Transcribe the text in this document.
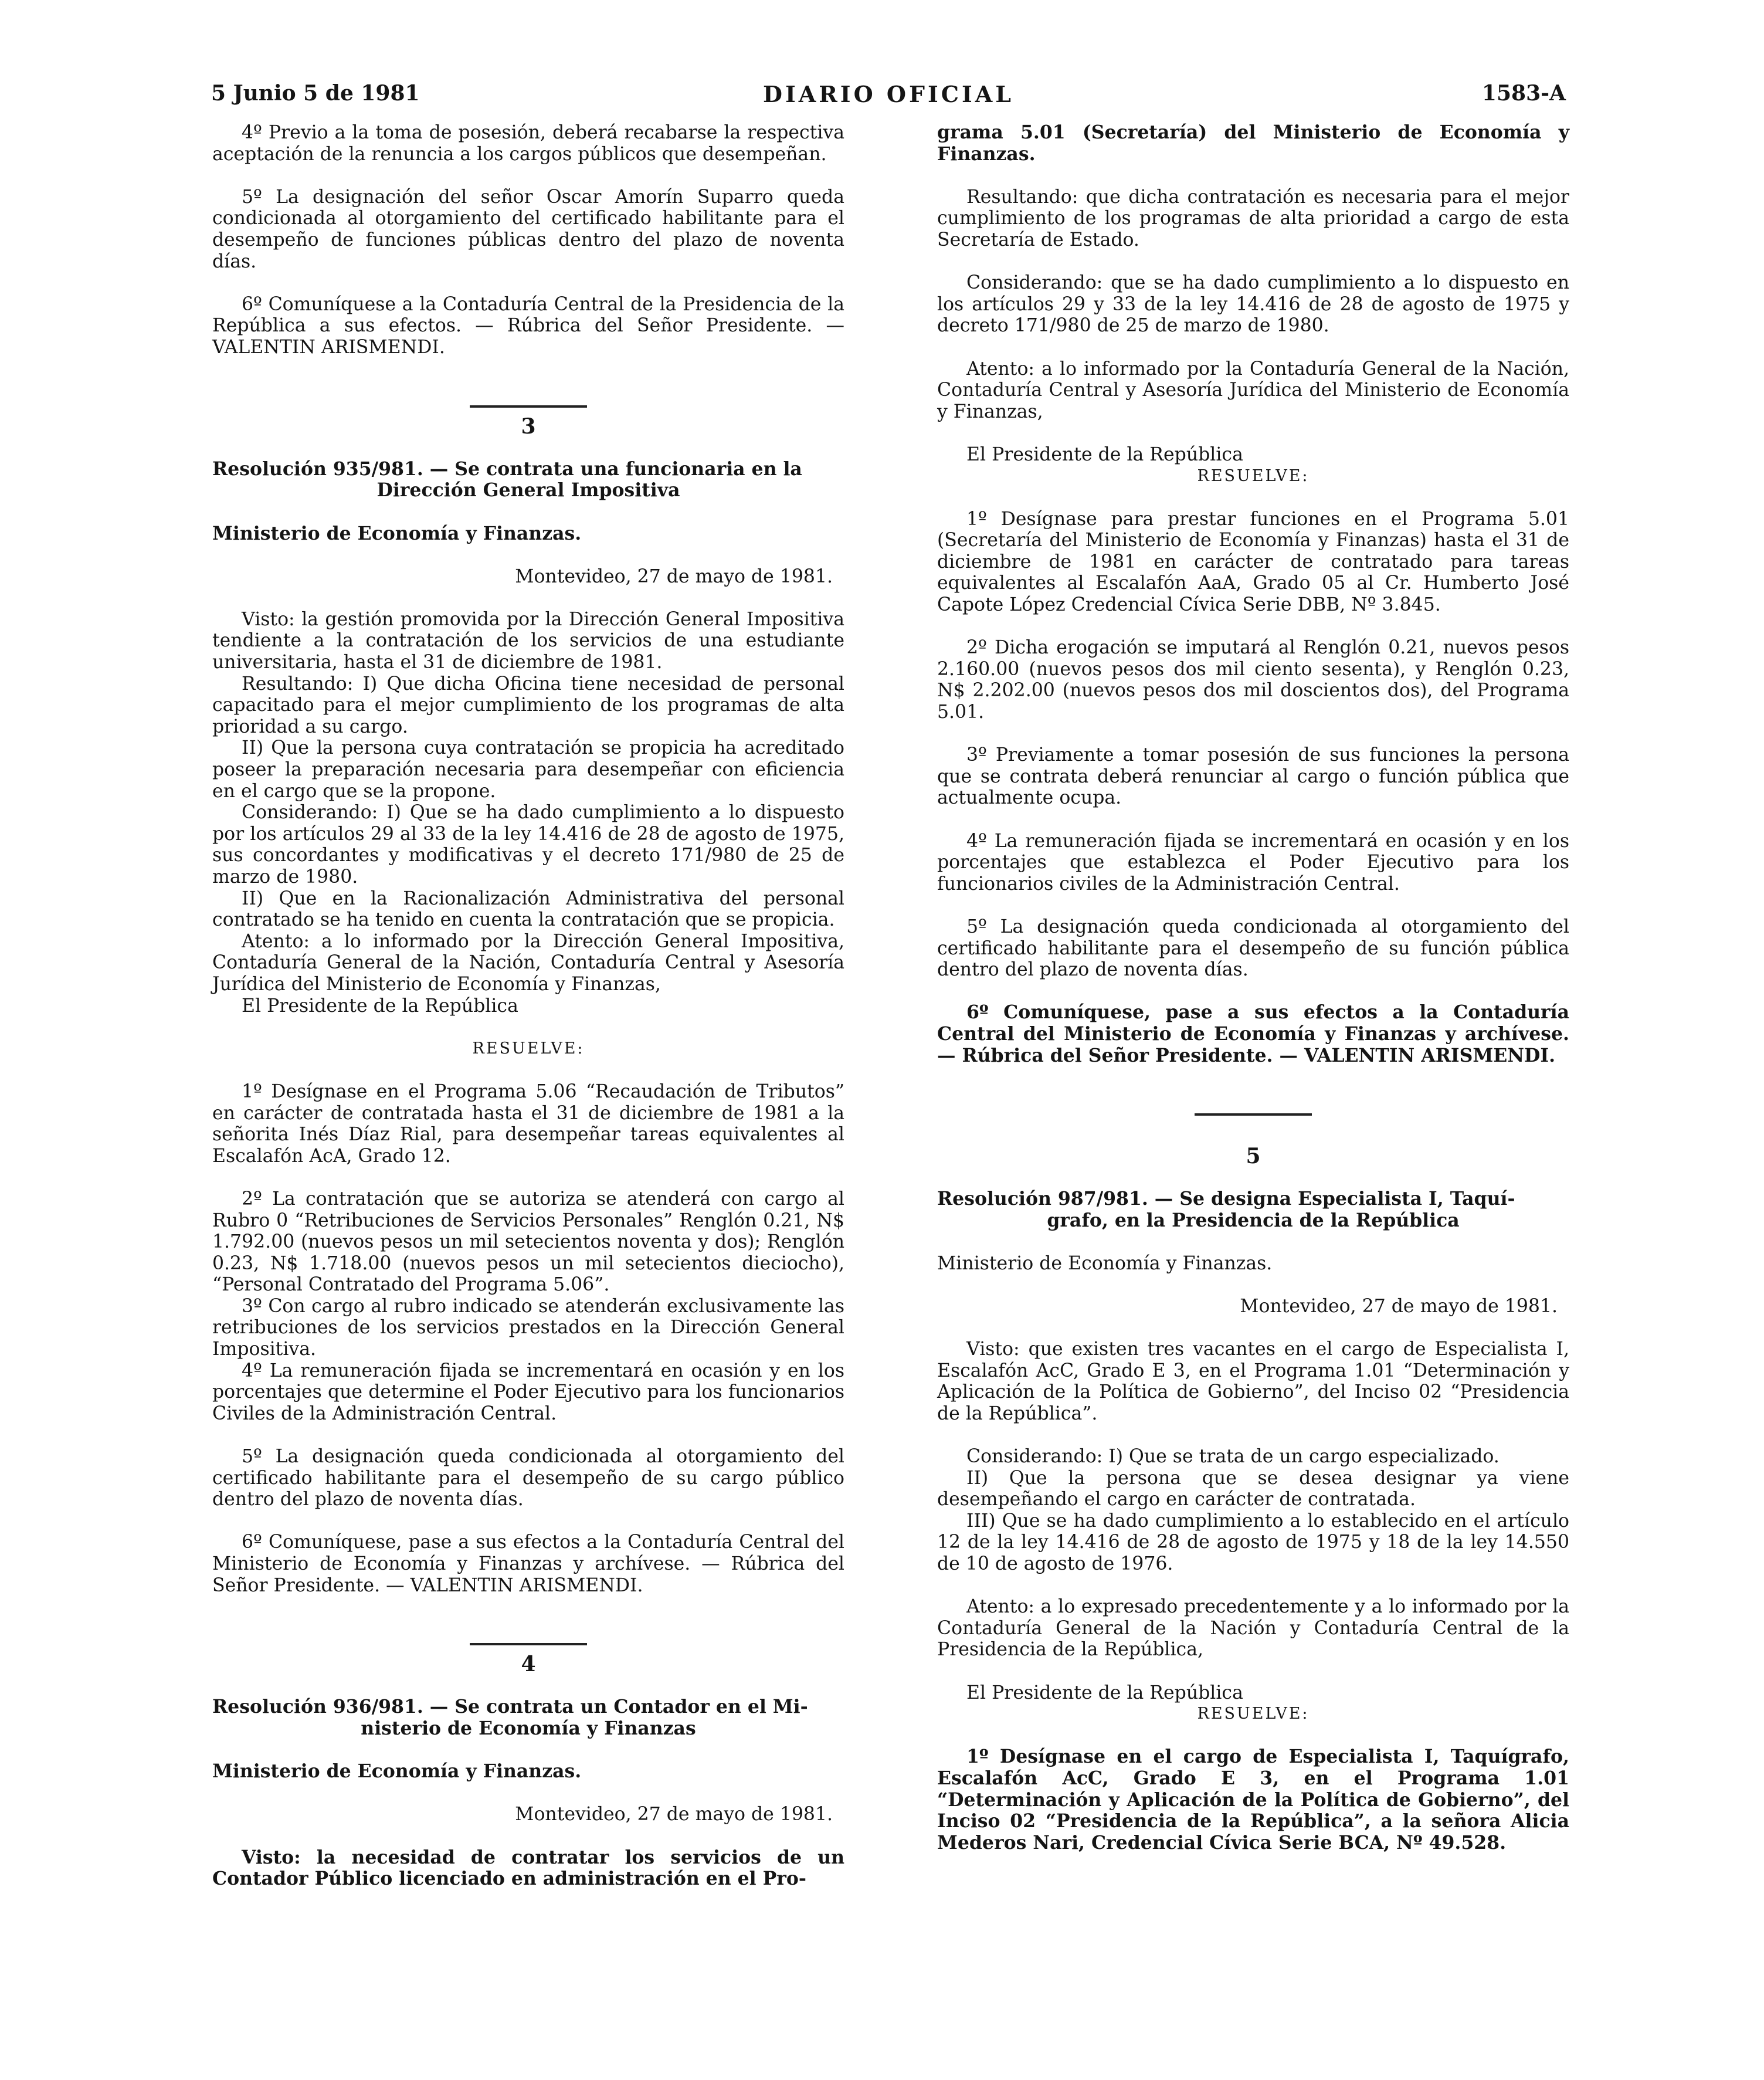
5 Junio 5 de 1981	DIARIO OFICIAL	1583-A

4º Previo a la toma de posesión, deberá recabarse la respectiva aceptación de la renuncia a los cargos públicos que desempeñan.

5º La designación del señor Oscar Amorín Suparro queda condicionada al otorgamiento del certificado habilitante para el desempeño de funciones públicas dentro del plazo de noventa días.

6º Comuníquese a la Contaduría Central de la Presidencia de la República a sus efectos. — Rúbrica del Señor Presidente. — VALENTIN ARISMENDI.

3

Resolución 935/981. — Se contrata una funcionaria en la
Dirección General Impositiva

Ministerio de Economía y Finanzas.

Montevideo, 27 de mayo de 1981.

Visto: la gestión promovida por la Dirección General Impositiva tendiente a la contratación de los servicios de una estudiante universitaria, hasta el 31 de diciembre de 1981.

Resultando: I) Que dicha Oficina tiene necesidad de personal capacitado para el mejor cumplimiento de los programas de alta prioridad a su cargo.

II) Que la persona cuya contratación se propicia ha acreditado poseer la preparación necesaria para desempeñar con eficiencia en el cargo que se la propone.

Considerando: I) Que se ha dado cumplimiento a lo dispuesto por los artículos 29 al 33 de la ley 14.416 de 28 de agosto de 1975, sus concordantes y modificativas y el decreto 171/980 de 25 de marzo de 1980.

II) Que en la Racionalización Administrativa del personal contratado se ha tenido en cuenta la contratación que se propicia.

Atento: a lo informado por la Dirección General Impositiva, Contaduría General de la Nación, Contaduría Central y Asesoría Jurídica del Ministerio de Economía y Finanzas,

El Presidente de la República

RESUELVE:

1º Desígnase en el Programa 5.06 “Recaudación de Tributos” en carácter de contratada hasta el 31 de diciembre de 1981 a la señorita Inés Díaz Rial, para desempeñar tareas equivalentes al Escalafón AcA, Grado 12.

2º La contratación que se autoriza se atenderá con cargo al Rubro 0 “Retribuciones de Servicios Personales” Renglón 0.21, N$ 1.792.00 (nuevos pesos un mil setecientos noventa y dos); Renglón 0.23, N$ 1.718.00 (nuevos pesos un mil setecientos dieciocho), “Personal Contratado del Programa 5.06”.

3º Con cargo al rubro indicado se atenderán exclusivamente las retribuciones de los servicios prestados en la Dirección General Impositiva.

4º La remuneración fijada se incrementará en ocasión y en los porcentajes que determine el Poder Ejecutivo para los funcionarios Civiles de la Administración Central.

5º La designación queda condicionada al otorgamiento del certificado habilitante para el desempeño de su cargo público dentro del plazo de noventa días.

6º Comuníquese, pase a sus efectos a la Contaduría Central del Ministerio de Economía y Finanzas y archívese. — Rúbrica del Señor Presidente. — VALENTIN ARISMENDI.

4

Resolución 936/981. — Se contrata un Contador en el Mi-
nisterio de Economía y Finanzas

Ministerio de Economía y Finanzas.

Montevideo, 27 de mayo de 1981.

Visto: la necesidad de contratar los servicios de un Contador Público licenciado en administración en el Pro-

grama 5.01 (Secretaría) del Ministerio de Economía y Finanzas.

Resultando: que dicha contratación es necesaria para el mejor cumplimiento de los programas de alta prioridad a cargo de esta Secretaría de Estado.

Considerando: que se ha dado cumplimiento a lo dispuesto en los artículos 29 y 33 de la ley 14.416 de 28 de agosto de 1975 y decreto 171/980 de 25 de marzo de 1980.

Atento: a lo informado por la Contaduría General de la Nación, Contaduría Central y Asesoría Jurídica del Ministerio de Economía y Finanzas,

El Presidente de la República

RESUELVE:

1º Desígnase para prestar funciones en el Programa 5.01 (Secretaría del Ministerio de Economía y Finanzas) hasta el 31 de diciembre de 1981 en carácter de contratado para tareas equivalentes al Escalafón AaA, Grado 05 al Cr. Humberto José Capote López Credencial Cívica Serie DBB, Nº 3.845.

2º Dicha erogación se imputará al Renglón 0.21, nuevos pesos 2.160.00 (nuevos pesos dos mil ciento sesenta), y Renglón 0.23, N$ 2.202.00 (nuevos pesos dos mil doscientos dos), del Programa 5.01.

3º Previamente a tomar posesión de sus funciones la persona que se contrata deberá renunciar al cargo o función pública que actualmente ocupa.

4º La remuneración fijada se incrementará en ocasión y en los porcentajes que establezca el Poder Ejecutivo para los funcionarios civiles de la Administración Central.

5º La designación queda condicionada al otorgamiento del certificado habilitante para el desempeño de su función pública dentro del plazo de noventa días.

6º Comuníquese, pase a sus efectos a la Contaduría Central del Ministerio de Economía y Finanzas y archívese. — Rúbrica del Señor Presidente. — VALENTIN ARISMENDI.

5

Resolución 987/981. — Se designa Especialista I, Taquí-
grafo, en la Presidencia de la República

Ministerio de Economía y Finanzas.

Montevideo, 27 de mayo de 1981.

Visto: que existen tres vacantes en el cargo de Especialista I, Escalafón AcC, Grado E 3, en el Programa 1.01 “Determinación y Aplicación de la Política de Gobierno”, del Inciso 02 “Presidencia de la República”.

Considerando: I) Que se trata de un cargo especializado.

II) Que la persona que se desea designar ya viene desempeñando el cargo en carácter de contratada.

III) Que se ha dado cumplimiento a lo establecido en el artículo 12 de la ley 14.416 de 28 de agosto de 1975 y 18 de la ley 14.550 de 10 de agosto de 1976.

Atento: a lo expresado precedentemente y a lo informado por la Contaduría General de la Nación y Contaduría Central de la Presidencia de la República,

El Presidente de la República

RESUELVE:

1º Desígnase en el cargo de Especialista I, Taquígrafo, Escalafón AcC, Grado E 3, en el Programa 1.01 “Determinación y Aplicación de la Política de Gobierno”, del Inciso 02 “Presidencia de la República”, a la señora Alicia Mederos Nari, Credencial Cívica Serie BCA, Nº 49.528.
